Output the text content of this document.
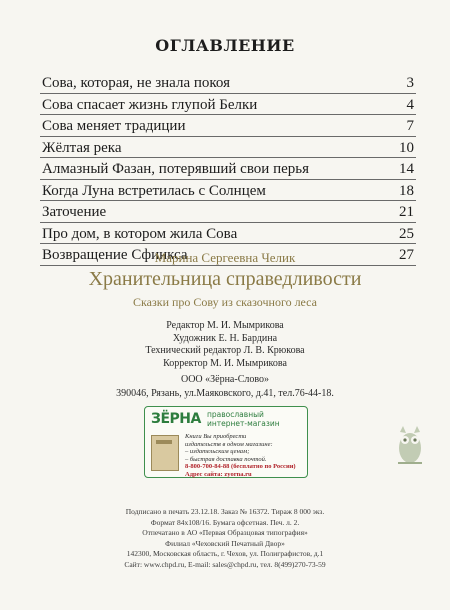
ОГЛАВЛЕНИЕ
Сова, которая, не знала покоя	3
Сова спасает жизнь глупой Белки	4
Сова меняет традиции	7
Жёлтая река	10
Алмазный Фазан, потерявший свои перья	14
Когда Луна встретилась с Солнцем	18
Заточение	21
Про дом, в котором жила Сова	25
Возвращение Сфинкса	27
Марина Сергеевна Челик
Хранительница справедливости
Сказки про Сову из сказочного леса
Редактор М. И. Мымрикова
Художник Е. Н. Бардина
Технический редактор Л. В. Крюкова
Корректор М. И. Мымрикова
ООО «Зёрна-Слово»
390046, Рязань, ул.Маяковского, д.41, тел.76-44-18.
ЗЁРНА православный
интернет-магазин
Книги Вы приобрести
издательств в одном магазине:
– издательским ценам;
– быстрая доставка почтой.
8-800-700-84-88 (бесплатно по России)
Адрес сайта: zyorna.ru
Подписано в печать 23.12.18. Заказ № 16372. Тираж 8 000 экз.
Формат 84х108/16. Бумага офсетная. Печ. л. 2.
Отпечатано в АО «Первая Образцовая типография»
Филиал «Чеховский Печатный Двор»
142300, Московская область, г. Чехов, ул. Полиграфистов, д.1
Сайт: www.chpd.ru, E-mail: sales@chpd.ru, тел. 8(499)270-73-59
